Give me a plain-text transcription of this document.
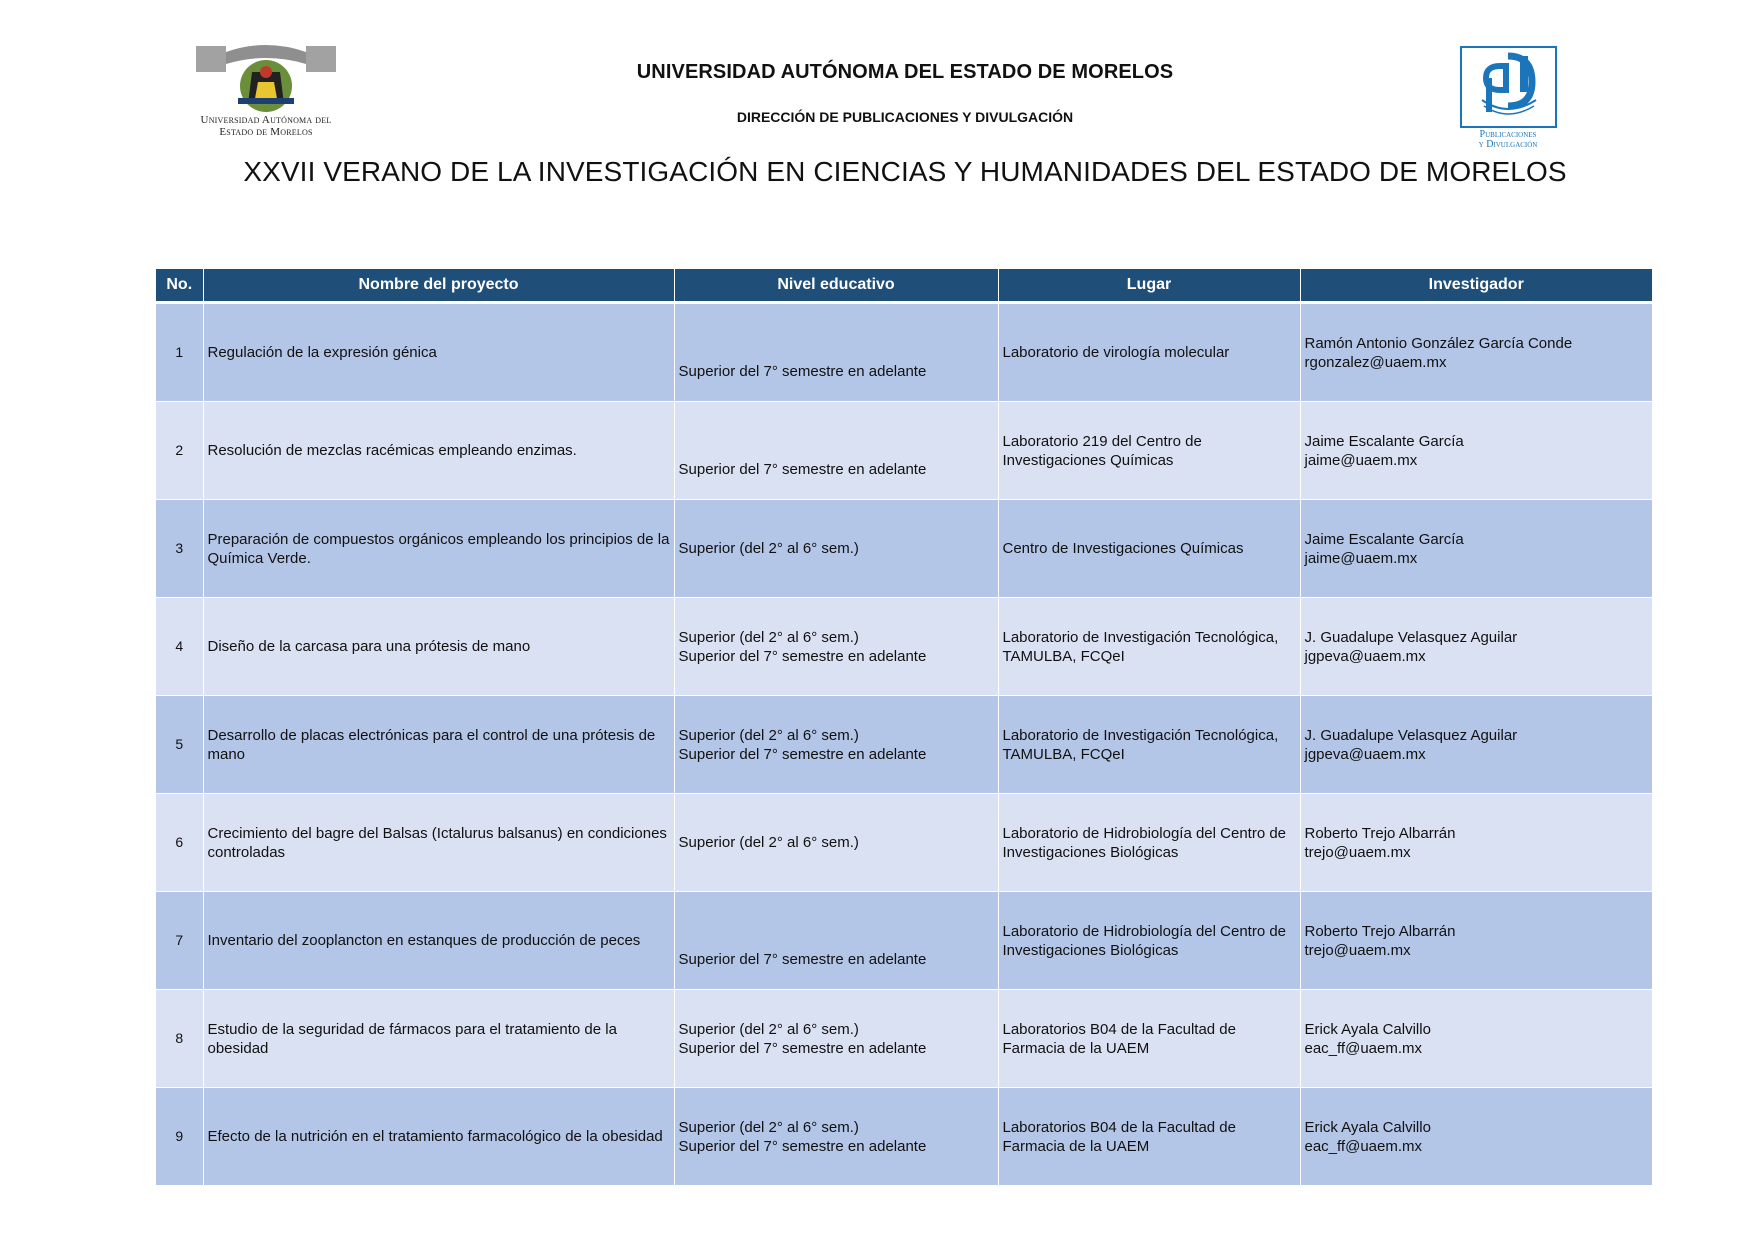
Universidad Autónoma del
Estado de Morelos
UNIVERSIDAD AUTÓNOMA DEL ESTADO DE MORELOS
DIRECCIÓN DE PUBLICACIONES Y DIVULGACIÓN
Publicaciones
y Divulgación
XXVII VERANO DE LA INVESTIGACIÓN EN CIENCIAS Y HUMANIDADES DEL ESTADO DE MORELOS
No.	Nombre del proyecto	Nivel educativo	Lugar	Investigador
1	Regulación de la expresión génica	Superior del 7° semestre en adelante	Laboratorio de virología molecular	Ramón Antonio González García Conde
rgonzalez@uaem.mx

2	Resolución de mezclas racémicas empleando enzimas.	Superior del 7° semestre en adelante	Laboratorio 219 del Centro de
Investigaciones Químicas	Jaime Escalante García
jaime@uaem.mx

3	Preparación de compuestos orgánicos empleando los principios de la Química Verde.	Superior (del 2° al 6° sem.)	Centro de Investigaciones Químicas	Jaime Escalante García
jaime@uaem.mx

4	Diseño de la carcasa para una prótesis de mano	Superior (del 2° al 6° sem.)
Superior del 7° semestre en adelante	Laboratorio de Investigación Tecnológica,
TAMULBA, FCQeI	J. Guadalupe Velasquez Aguilar
jgpeva@uaem.mx

5	Desarrollo de placas electrónicas para el control de una prótesis de mano	Superior (del 2° al 6° sem.)
Superior del 7° semestre en adelante	Laboratorio de Investigación Tecnológica,
TAMULBA, FCQeI	J. Guadalupe Velasquez Aguilar
jgpeva@uaem.mx

6	Crecimiento del bagre del Balsas (Ictalurus balsanus) en condiciones controladas	Superior (del 2° al 6° sem.)	Laboratorio de Hidrobiología del Centro de
Investigaciones Biológicas	Roberto Trejo Albarrán
trejo@uaem.mx

7	Inventario del zooplancton en estanques de producción de peces	Superior del 7° semestre en adelante	Laboratorio de Hidrobiología del Centro de
Investigaciones Biológicas	Roberto Trejo Albarrán
trejo@uaem.mx

8	Estudio de la seguridad de fármacos para el tratamiento de la obesidad	Superior (del 2° al 6° sem.)
Superior del 7° semestre en adelante	Laboratorios B04 de la Facultad de
Farmacia de la UAEM	Erick Ayala Calvillo
eac_ff@uaem.mx

9	Efecto de la nutrición en el tratamiento farmacológico de la obesidad	Superior (del 2° al 6° sem.)
Superior del 7° semestre en adelante	Laboratorios B04 de la Facultad de
Farmacia de la UAEM	Erick Ayala Calvillo
eac_ff@uaem.mx
